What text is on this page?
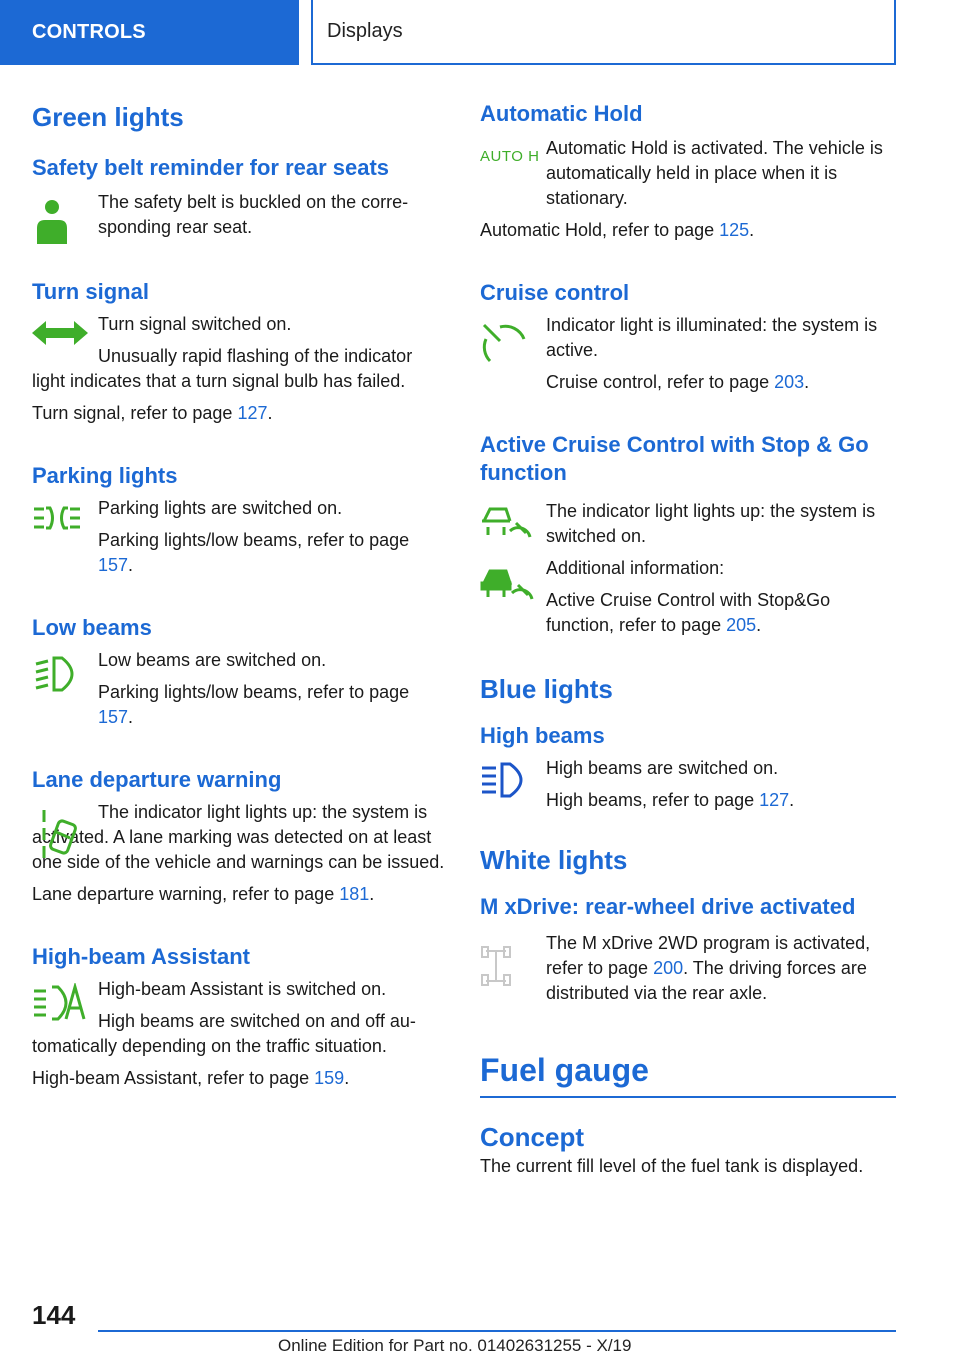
CONTROLS	Displays
Green lights
Safety belt reminder for rear seats

The safety belt is buckled on the corresponding rear seat.

Turn signal

Turn signal switched on.

Unusually rapid flashing of the indicator light indicates that a turn signal bulb has failed.

Turn signal, refer to page 127.

Parking lights

Parking lights are switched on.

Parking lights/low beams, refer to page 157.

Low beams

Low beams are switched on.

Parking lights/low beams, refer to page 157.

Lane departure warning

The indicator light lights up: the system is activated. A lane marking was detected on at least one side of the vehicle and warnings can be issued.

Lane departure warning, refer to page 181.

High-beam Assistant

High-beam Assistant is switched on.

High beams are switched on and off automatically depending on the traffic situation.

High-beam Assistant, refer to page 159.

Automatic Hold
AUTO H Automatic Hold is activated. The vehicle is automatically held in place when it is stationary.

Automatic Hold, refer to page 125.

Cruise control

Indicator light is illuminated: the system is active.

Cruise control, refer to page 203.

Active Cruise Control with Stop & Go function

The indicator light lights up: the system is switched on.

Additional information:

Active Cruise Control with Stop&Go function, refer to page 205.

Blue lights
High beams

High beams are switched on.

High beams, refer to page 127.

White lights
M xDrive: rear-wheel drive activated

The M xDrive 2WD program is activated, refer to page 200. The driving forces are distributed via the rear axle.

Fuel gauge
Concept

The current fill level of the fuel tank is displayed.

144
Online Edition for Part no. 01402631255 - X/19
